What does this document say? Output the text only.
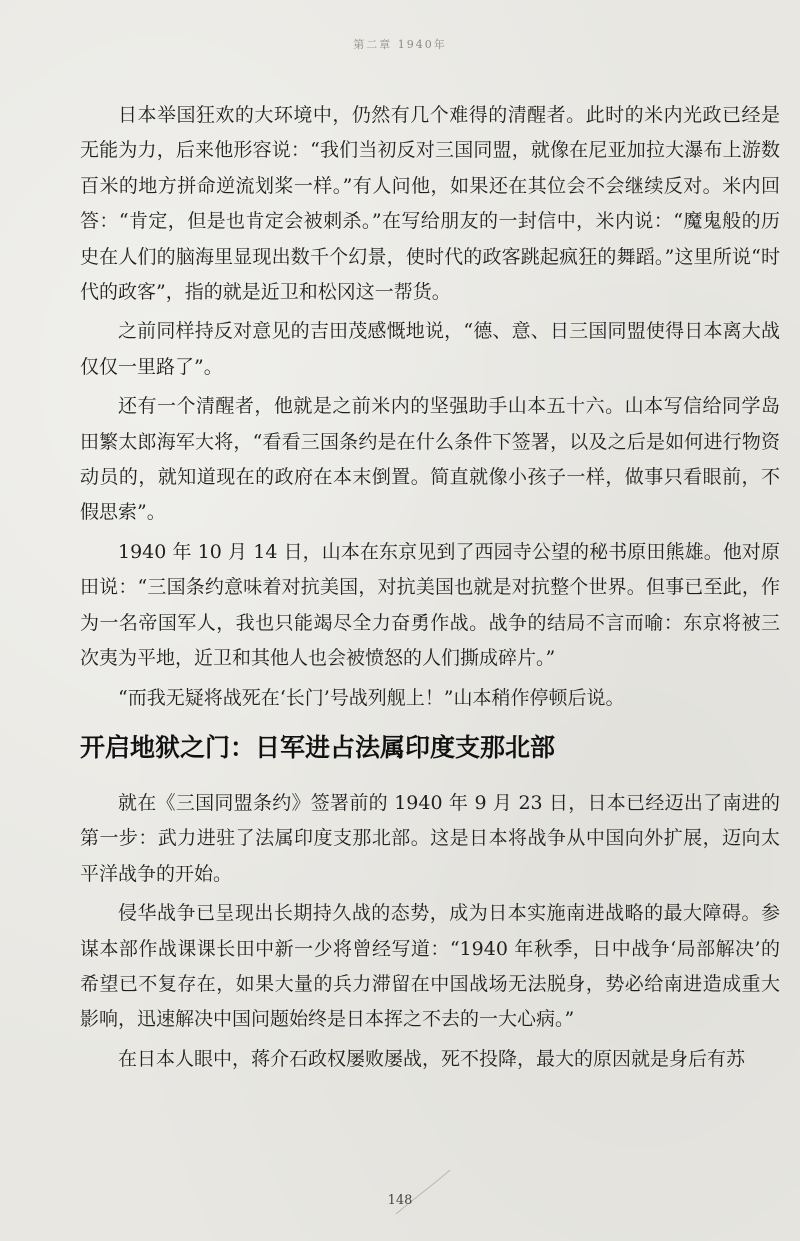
第二章 1940年

日本举国狂欢的大环境中，仍然有几个难得的清醒者。此时的米内光政已经是无能为力，后来他形容说：“我们当初反对三国同盟，就像在尼亚加拉大瀑布上游数百米的地方拼命逆流划桨一样。”有人问他，如果还在其位会不会继续反对。米内回答：“肯定，但是也肯定会被刺杀。”在写给朋友的一封信中，米内说：“魔鬼般的历史在人们的脑海里显现出数千个幻景，使时代的政客跳起疯狂的舞蹈。”这里所说“时代的政客”，指的就是近卫和松冈这一帮货。

之前同样持反对意见的吉田茂感慨地说，“德、意、日三国同盟使得日本离大战仅仅一里路了”。

还有一个清醒者，他就是之前米内的坚强助手山本五十六。山本写信给同学岛田繁太郎海军大将，“看看三国条约是在什么条件下签署，以及之后是如何进行物资动员的，就知道现在的政府在本末倒置。简直就像小孩子一样，做事只看眼前，不假思索”。

1940 年 10 月 14 日，山本在东京见到了西园寺公望的秘书原田熊雄。他对原田说：“三国条约意味着对抗美国，对抗美国也就是对抗整个世界。但事已至此，作为一名帝国军人，我也只能竭尽全力奋勇作战。战争的结局不言而喻：东京将被三次夷为平地，近卫和其他人也会被愤怒的人们撕成碎片。”

“而我无疑将战死在‘长门’号战列舰上！”山本稍作停顿后说。

开启地狱之门：日军进占法属印度支那北部

就在《三国同盟条约》签署前的 1940 年 9 月 23 日，日本已经迈出了南进的第一步：武力进驻了法属印度支那北部。这是日本将战争从中国向外扩展，迈向太平洋战争的开始。

侵华战争已呈现出长期持久战的态势，成为日本实施南进战略的最大障碍。参谋本部作战课课长田中新一少将曾经写道：“1940 年秋季，日中战争‘局部解决’的希望已不复存在，如果大量的兵力滞留在中国战场无法脱身，势必给南进造成重大影响，迅速解决中国问题始终是日本挥之不去的一大心病。”

在日本人眼中，蒋介石政权屡败屡战，死不投降，最大的原因就是身后有苏

148
